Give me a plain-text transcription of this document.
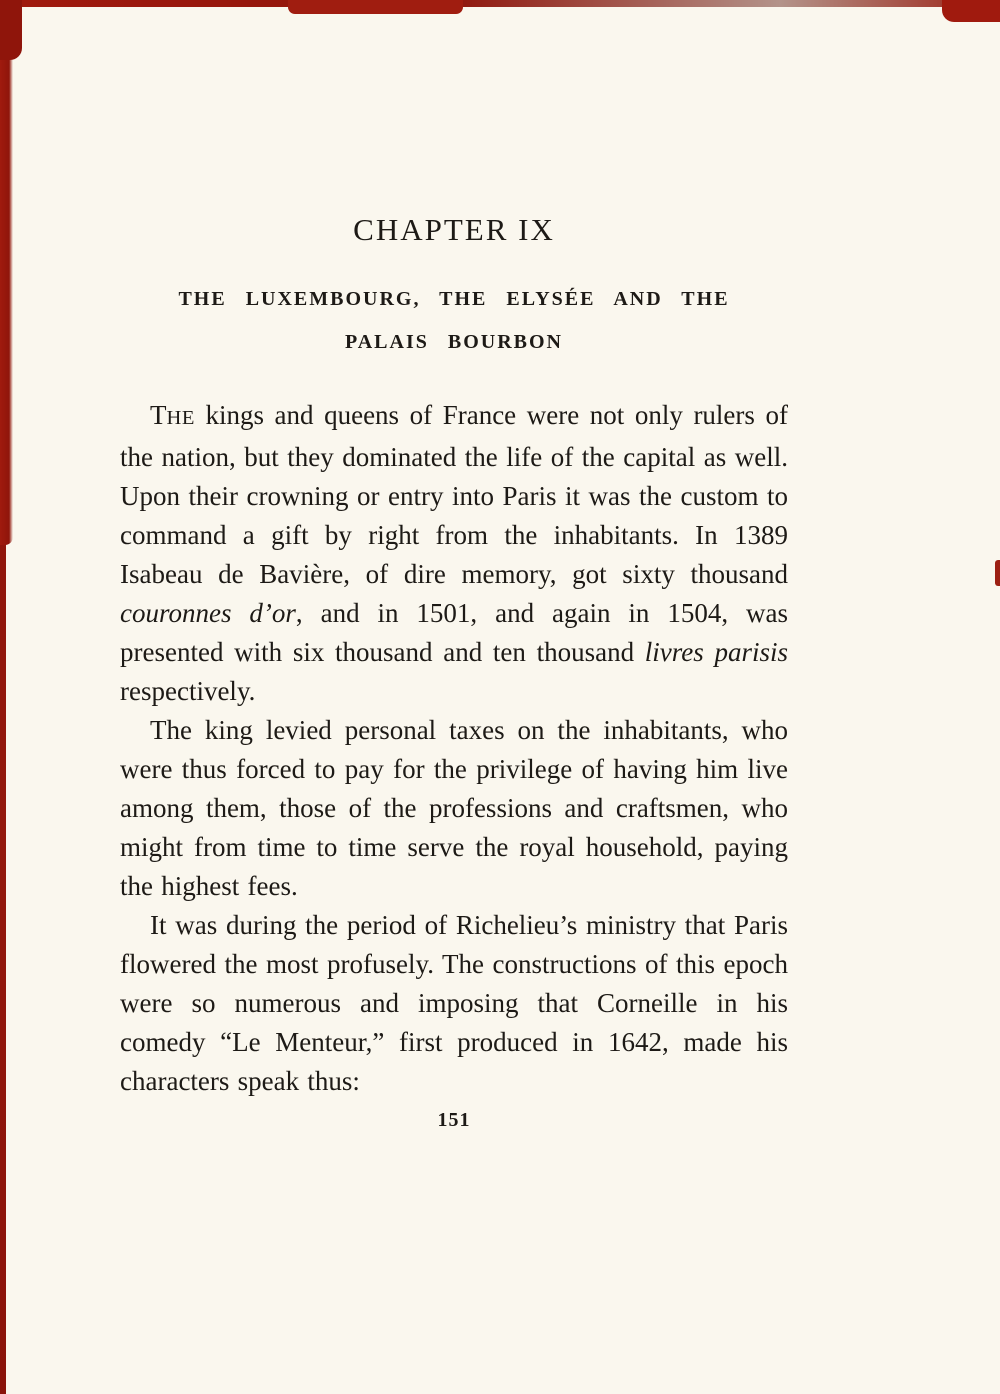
CHAPTER IX
THE LUXEMBOURG, THE ELYSÉE AND THE
PALAIS BOURBON

THE kings and queens of France were not only rulers of the nation, but they dominated the life of the capital as well. Upon their crowning or entry into Paris it was the custom to command a gift by right from the inhabitants. In 1389 Isabeau de Bavière, of dire memory, got sixty thousand couronnes d’or, and in 1501, and again in 1504, was presented with six thousand and ten thousand livres parisis respectively.

The king levied personal taxes on the inhabitants, who were thus forced to pay for the privilege of having him live among them, those of the professions and craftsmen, who might from time to time serve the royal household, paying the highest fees.

It was during the period of Richelieu’s ministry that Paris flowered the most profusely. The constructions of this epoch were so numerous and imposing that Corneille in his comedy “Le Menteur,” first produced in 1642, made his characters speak thus:

151
